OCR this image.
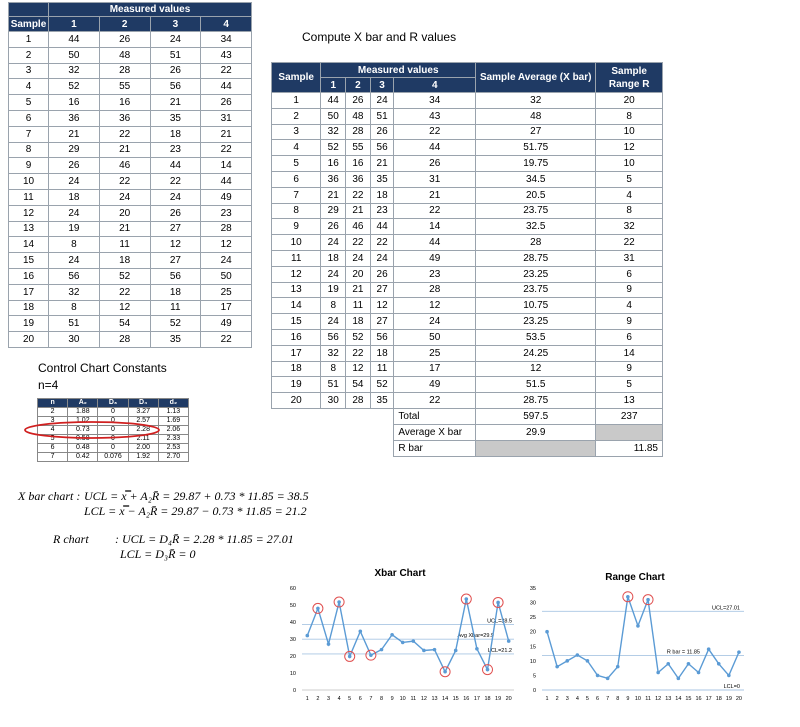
	Measured values			
Sample	1	2	3	4
1	44	26	24	34
2	50	48	51	43
3	32	28	26	22
4	52	55	56	44
5	16	16	21	26
6	36	36	35	31
7	21	22	18	21
8	29	21	23	22
9	26	46	44	14
10	24	22	22	44
11	18	24	24	49
12	24	20	26	23
13	19	21	27	28
14	8	11	12	12
15	24	18	27	24
16	56	52	56	50
17	32	22	18	25
18	8	12	11	17
19	51	54	52	49
20	30	28	35	22
Compute X bar and R values
Sample	Measured values				Sample Average (X bar)	Sample Range R
	1	2	3	4		
1	44	26	24	34	32	20
2	50	48	51	43	48	8
3	32	28	26	22	27	10
4	52	55	56	44	51.75	12
5	16	16	21	26	19.75	10
6	36	36	35	31	34.5	5
7	21	22	18	21	20.5	4
8	29	21	23	22	23.75	8
9	26	46	44	14	32.5	32
10	24	22	22	44	28	22
11	18	24	24	49	28.75	31
12	24	20	26	23	23.25	6
13	19	21	27	28	23.75	9
14	8	11	12	12	10.75	4
15	24	18	27	24	23.25	9
16	56	52	56	50	53.5	6
17	32	22	18	25	24.25	14
18	8	12	11	17	12	9
19	51	54	52	49	51.5	5
20	30	28	35	22	28.75	13
				Total	597.5	237
				Average X bar	29.9	
				R bar		11.85
Control Chart Constants
n=4
n	A₂	D₃	D₄	d₂
2	1.88	0	3.27	1.13
3	1.02	0	2.57	1.69
4	0.73	0	2.28	2.06
5	0.58	0	2.11	2.33
6	0.48	0	2.00	2.53
7	0.42	0.076	1.92	2.70
X bar chart : UCL = x̿ + A₂R̄ = 29.87 + 0.73 * 11.85 = 38.5
LCL = x̿ − A₂R̄ = 29.87 − 0.73 * 11.85 = 21.2
R chart : UCL = D₄R̄ = 2.28 * 11.85 = 27.01
LCL = D₃R̄ = 0
Xbar Chart
0
10
20
30
40
50
60
UCL=38.5
Avg Xbar=29.9
LCL=21.2
1 2 3 4 5 6 7 8 9 10 11 12 13 14 15 16 17 18 19 20
Range Chart
0
5
10
15
20
25
30
35
UCL=27.01
R bar = 11.85
LCL=0
1 2 3 4 5 6 7 8 9 10 11 12 13 14 15 16 17 18 19 20
